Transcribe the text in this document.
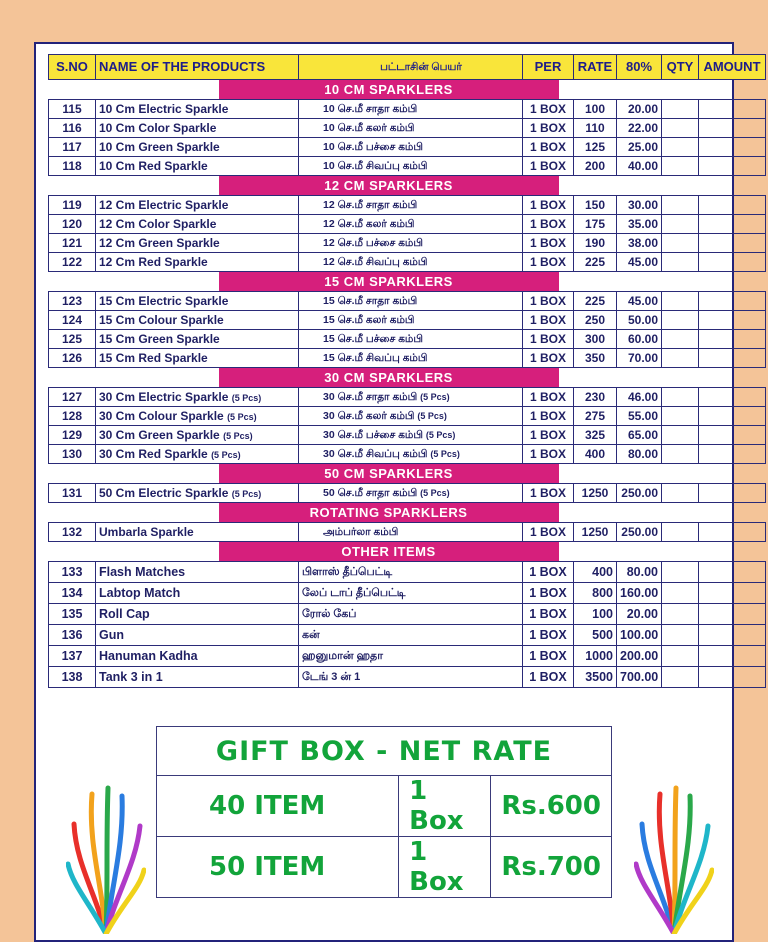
S.NO	NAME OF THE PRODUCTS	பட்டாசின் பெயர்	PER	RATE	80%	QTY	AMOUNT

10 CM SPARKLERS							

115	10 Cm Electric Sparkle	10 செ.மீ சாதா கம்பி	1 BOX	100	20.00		
116	10 Cm Color Sparkle	10 செ.மீ கலர் கம்பி	1 BOX	110	22.00		
117	10 Cm Green Sparkle	10 செ.மீ பச்சை கம்பி	1 BOX	125	25.00		
118	10 Cm Red Sparkle	10 செ.மீ சிவப்பு கம்பி	1 BOX	200	40.00		

12 CM SPARKLERS							

119	12 Cm Electric Sparkle	12 செ.மீ சாதா கம்பி	1 BOX	150	30.00		
120	12 Cm Color Sparkle	12 செ.மீ கலர் கம்பி	1 BOX	175	35.00		
121	12 Cm Green Sparkle	12 செ.மீ பச்சை கம்பி	1 BOX	190	38.00		
122	12 Cm Red Sparkle	12 செ.மீ சிவப்பு கம்பி	1 BOX	225	45.00		

15 CM SPARKLERS							

123	15 Cm Electric Sparkle	15 செ.மீ சாதா கம்பி	1 BOX	225	45.00		
124	15 Cm Colour Sparkle	15 செ.மீ கலர் கம்பி	1 BOX	250	50.00		
125	15 Cm Green Sparkle	15 செ.மீ பச்சை கம்பி	1 BOX	300	60.00		
126	15 Cm Red Sparkle	15 செ.மீ சிவப்பு கம்பி	1 BOX	350	70.00		

30 CM SPARKLERS							

127	30 Cm Electric Sparkle (5 Pcs)	30 செ.மீ சாதா கம்பி (5 Pcs)	1 BOX	230	46.00		
128	30 Cm Colour Sparkle (5 Pcs)	30 செ.மீ கலர் கம்பி (5 Pcs)	1 BOX	275	55.00		
129	30 Cm Green Sparkle (5 Pcs)	30 செ.மீ பச்சை கம்பி (5 Pcs)	1 BOX	325	65.00		
130	30 Cm Red Sparkle (5 Pcs)	30 செ.மீ சிவப்பு கம்பி (5 Pcs)	1 BOX	400	80.00		

50 CM SPARKLERS							

131	50 Cm Electric Sparkle (5 Pcs)	50 செ.மீ சாதா கம்பி (5 Pcs)	1 BOX	1250	250.00		

ROTATING SPARKLERS							

132	Umbarla Sparkle	அம்பர்லா கம்பி	1 BOX	1250	250.00		

OTHER ITEMS							

133	Flash Matches	பிளாஸ் தீப்பெட்டி	1 BOX	400	80.00		
134	Labtop Match	லேப் டாப் தீப்பெட்டி	1 BOX	800	160.00		
135	Roll Cap	ரோல் கேப்	1 BOX	100	20.00		
136	Gun	கன்	1 BOX	500	100.00		
137	Hanuman Kadha	ஹனுமான் ஹதா	1 BOX	1000	200.00		
138	Tank 3 in 1	டேங் 3 ன் 1	1 BOX	3500	700.00		
GIFT BOX - NET RATE		
40 ITEM	1 Box	Rs.600
50 ITEM	1 Box	Rs.700
